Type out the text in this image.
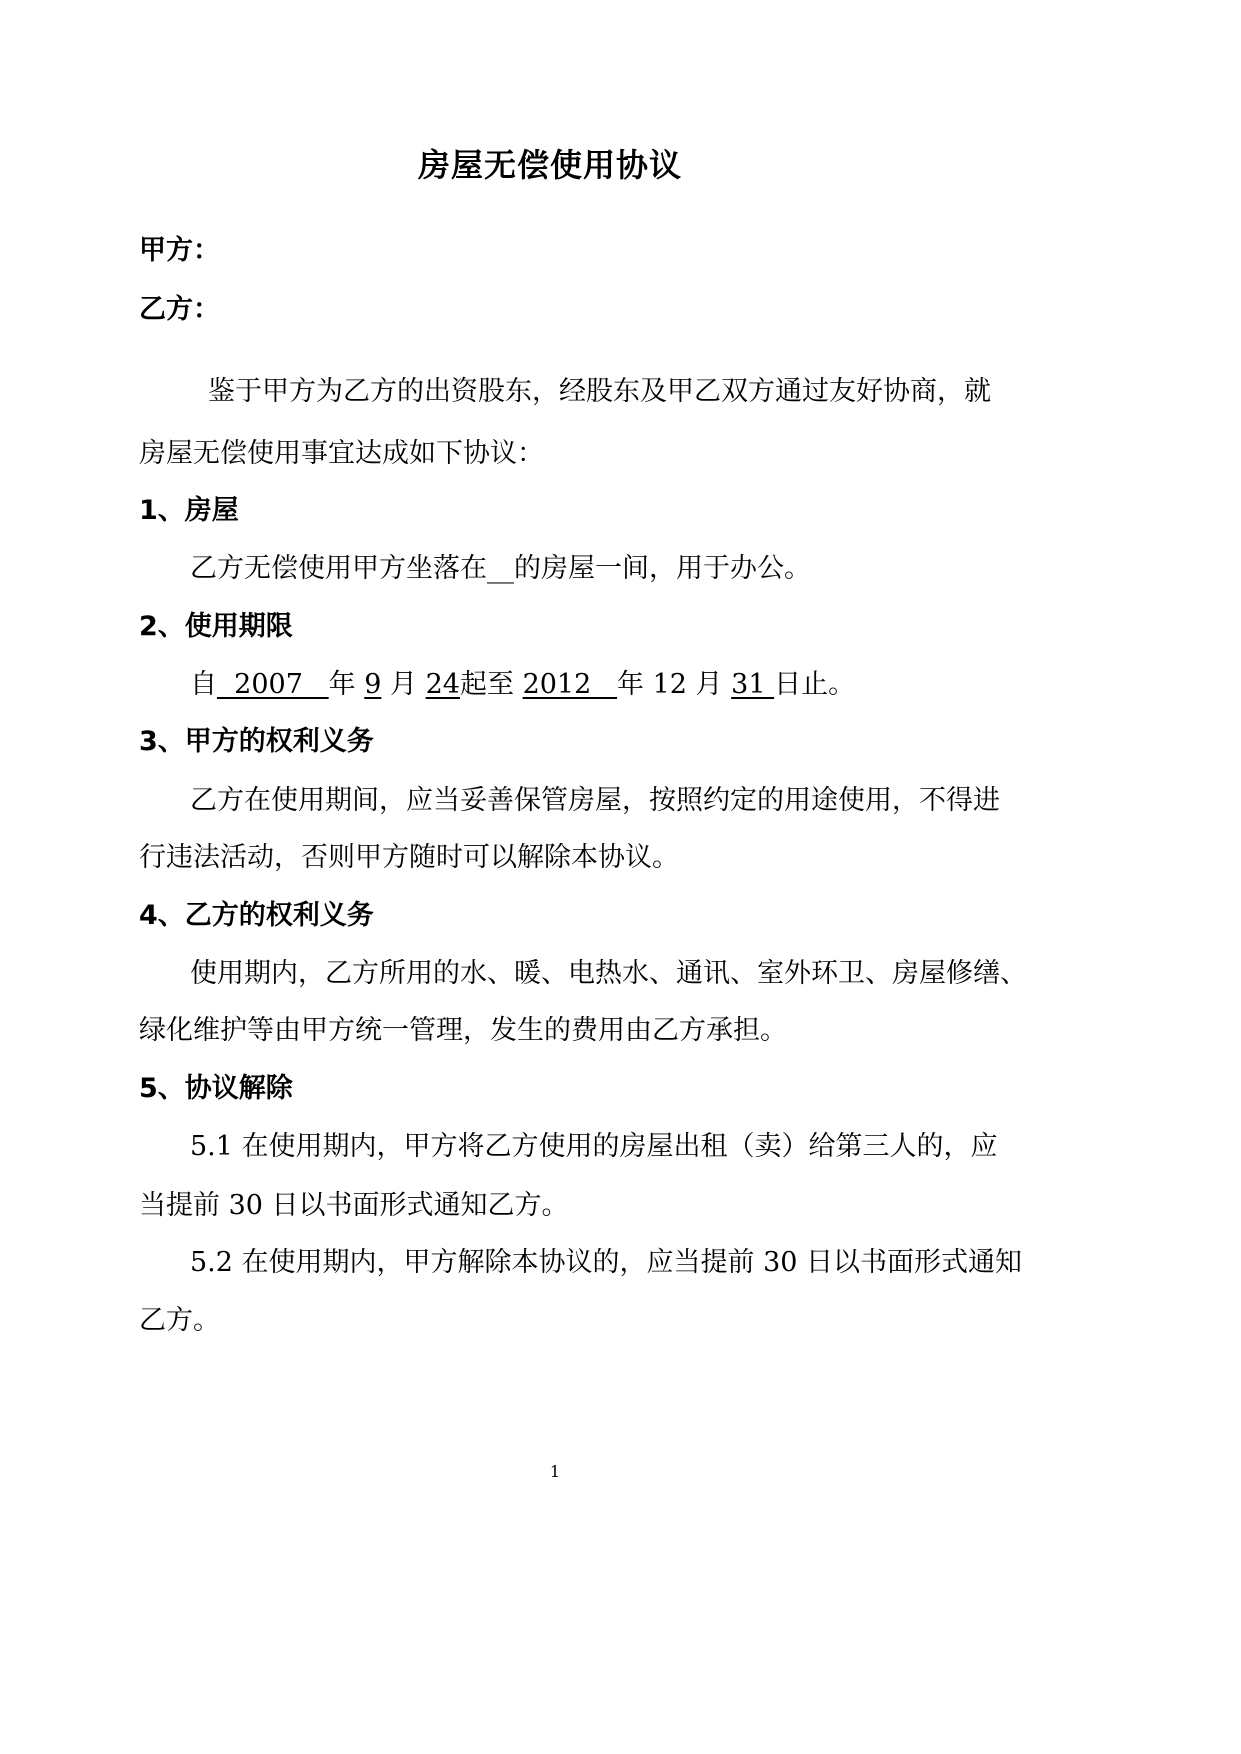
房屋无偿使用协议
甲方：
乙方：
鉴于甲方为乙方的出资股东，经股东及甲乙双方通过友好协商，就
房屋无偿使用事宜达成如下协议：
1、房屋
乙方无偿使用甲方坐落在__的房屋一间，用于办公。
2、使用期限
自  2007   年 9 月 24起至 2012   年 12 月 31 日止。
3、甲方的权利义务
乙方在使用期间，应当妥善保管房屋，按照约定的用途使用，不得进
行违法活动，否则甲方随时可以解除本协议。
4、乙方的权利义务
使用期内，乙方所用的水、暖、电热水、通讯、室外环卫、房屋修缮、
绿化维护等由甲方统一管理，发生的费用由乙方承担。
5、协议解除
5.1 在使用期内，甲方将乙方使用的房屋出租（卖）给第三人的，应
当提前 30 日以书面形式通知乙方。
5.2 在使用期内，甲方解除本协议的，应当提前 30 日以书面形式通知
乙方。
1
